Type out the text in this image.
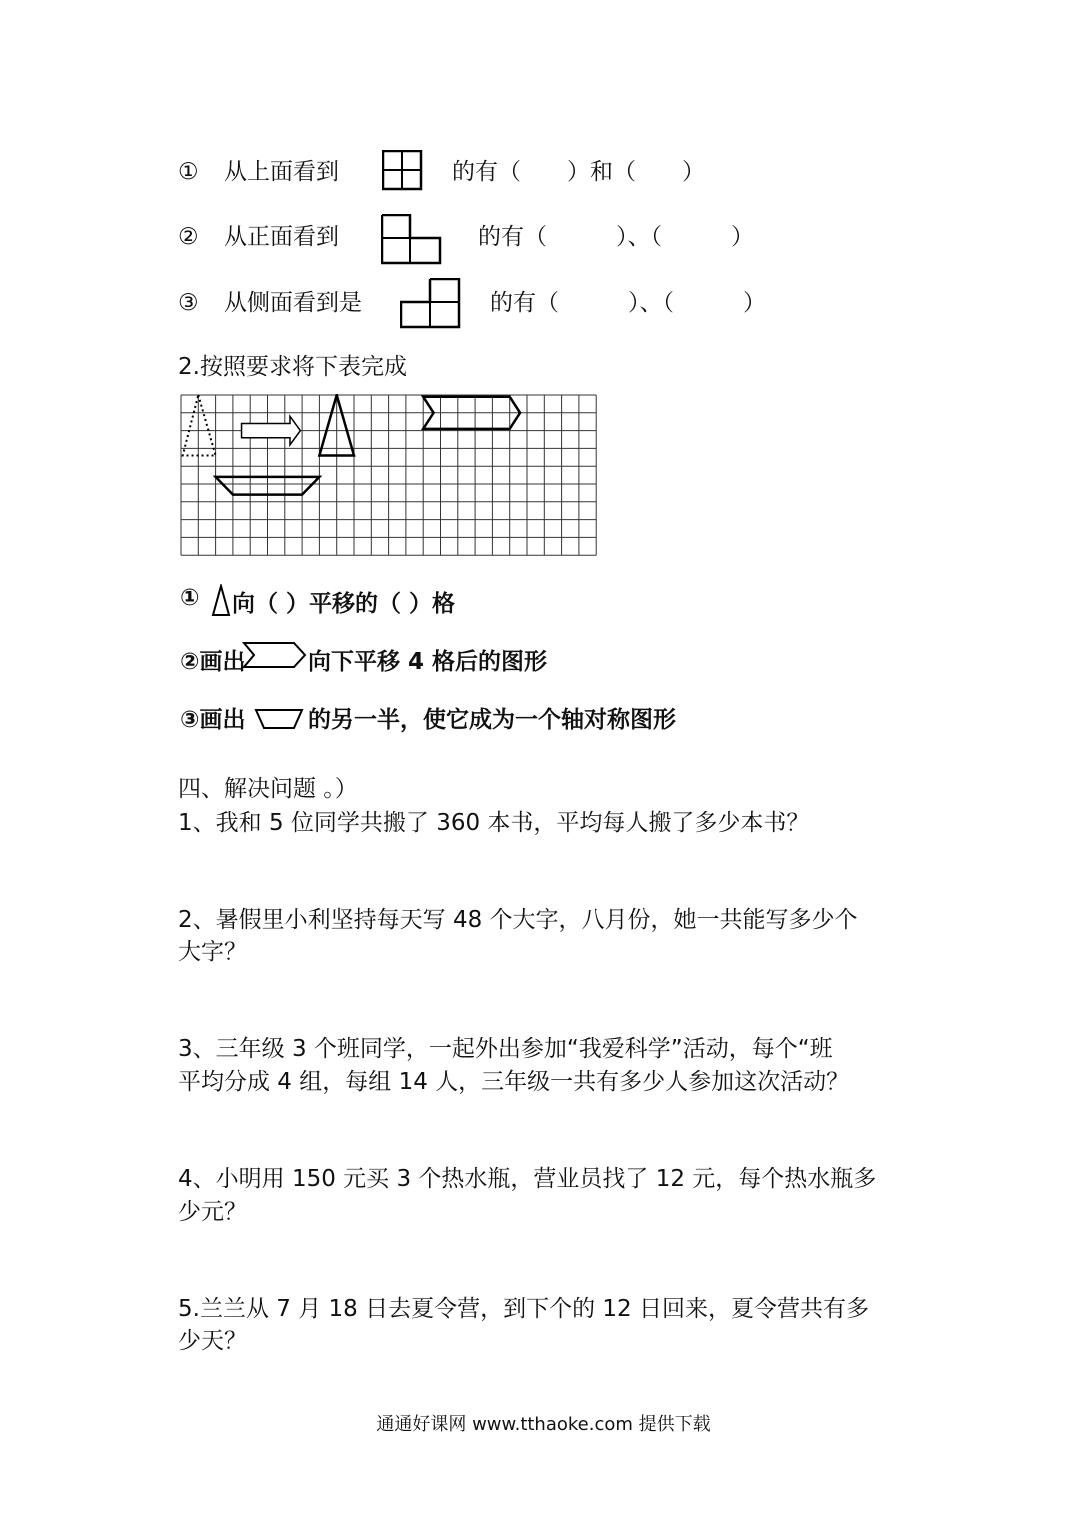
① 从上面看到	的有（　　）和（　　）
② 从正面看到	的有（　　　）、（　　　）
③ 从侧面看到是	的有（　　　）、（　　　）
2.按照要求将下表完成
① 向（ ）平移的（ ）格
②画出	向下平移 4 格后的图形
③画出	的另一半，使它成为一个轴对称图形
四、解决问题 。）
1、我和 5 位同学共搬了 360 本书，平均每人搬了多少本书？
2、暑假里小利坚持每天写 48 个大字，八月份，她一共能写多少个
大字？
3、三年级 3 个班同学，一起外出参加“我爱科学”活动，每个“班
平均分成 4 组，每组 14 人，三年级一共有多少人参加这次活动？
4、小明用 150 元买 3 个热水瓶，营业员找了 12 元，每个热水瓶多
少元？
5.兰兰从 7 月 18 日去夏令营，到下个的 12 日回来，夏令营共有多
少天？
通通好课网 www.tthaoke.com 提供下载
